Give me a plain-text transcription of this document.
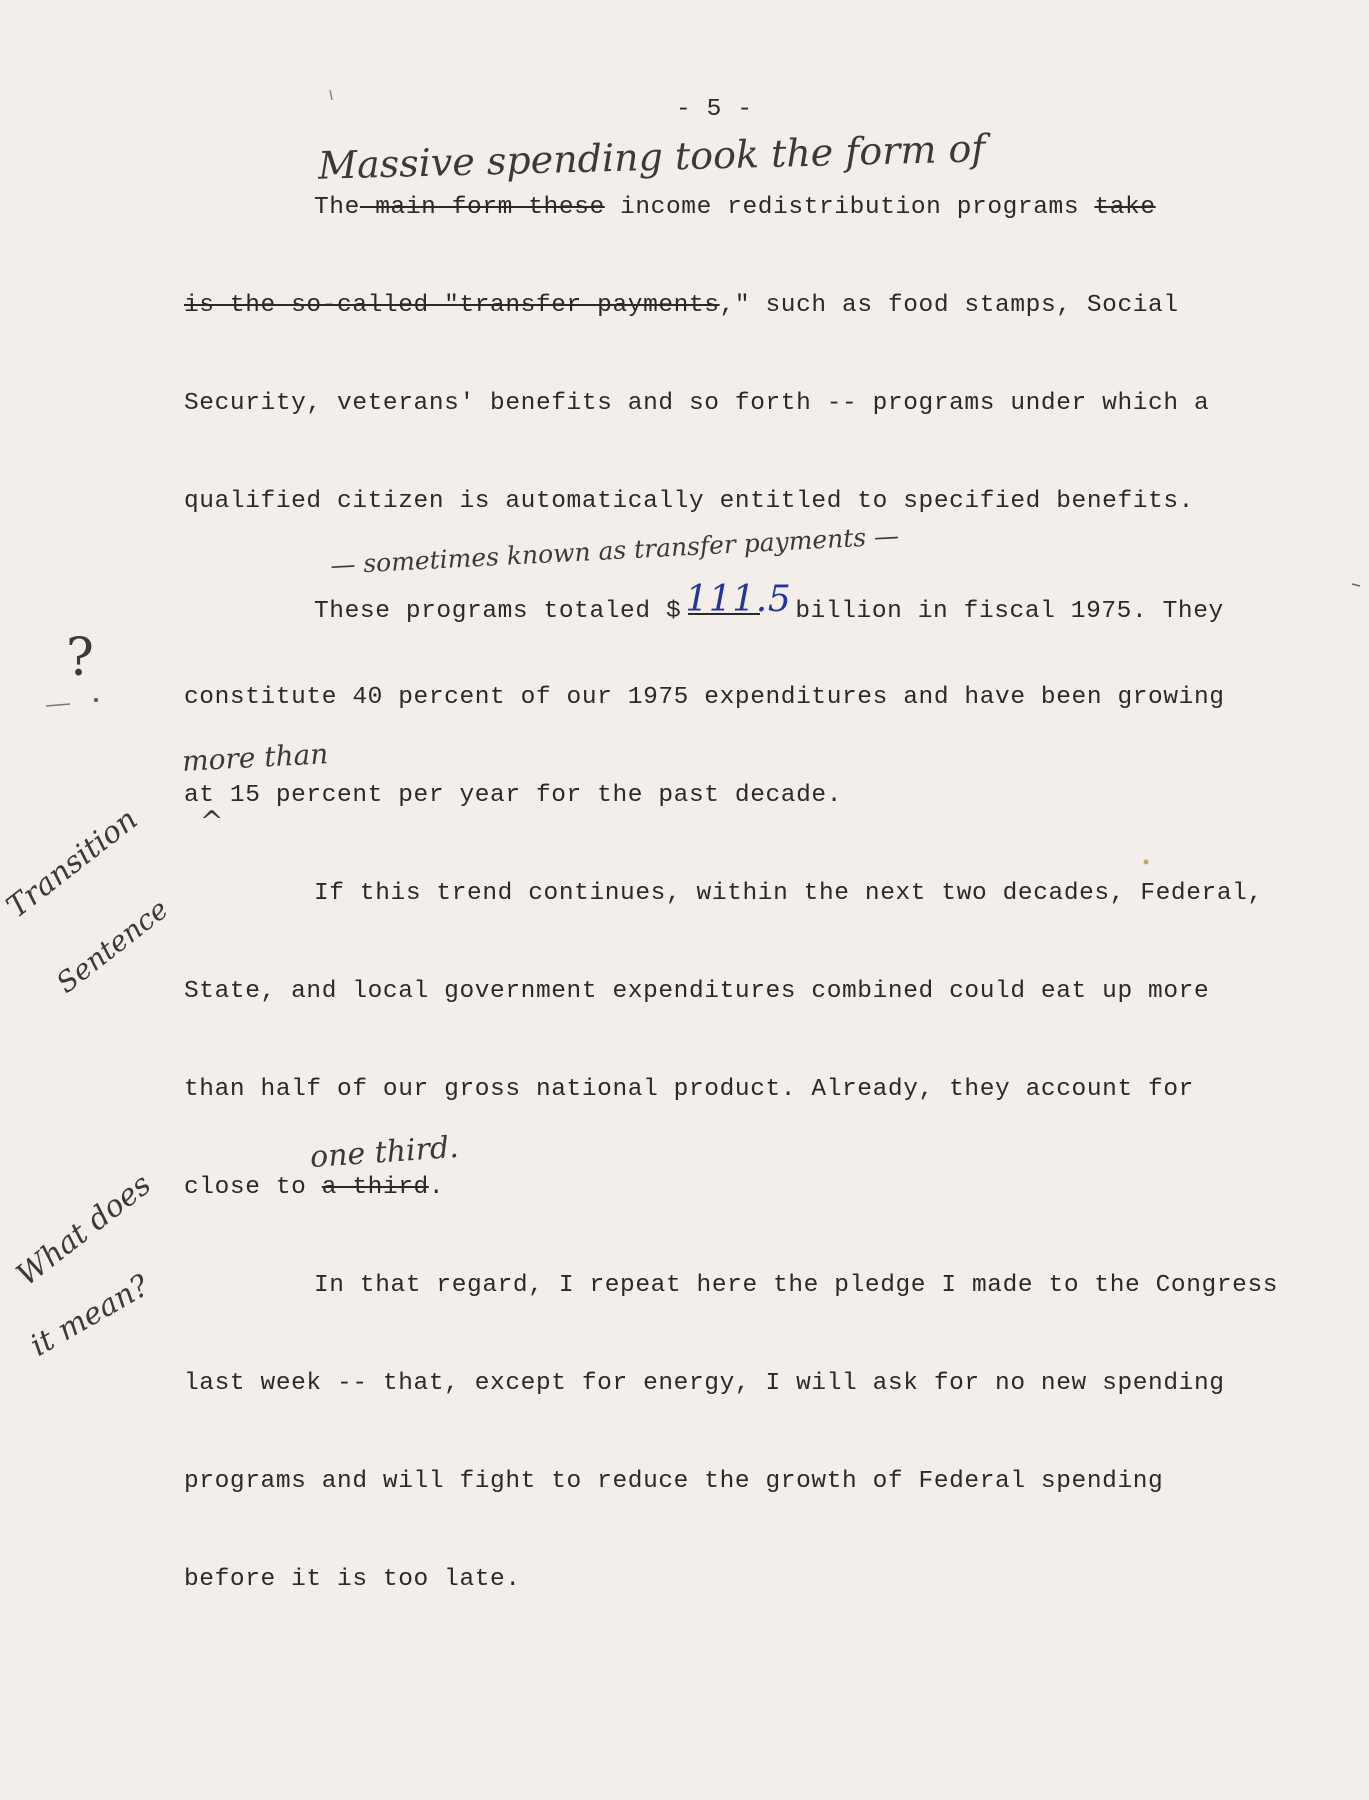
- 5 -
Massive spending took the form of
The main form these income redistribution programs take
is the so-called "transfer payments," such as food stamps, Social
Security, veterans' benefits and so forth -- programs under which a
qualified citizen is automatically entitled to specified benefits.
— sometimes known as transfer payments —
These programs totaled $ 111.5 billion in fiscal 1975. They
constitute 40 percent of our 1975 expenditures and have been growing
more than
at 15 percent per year for the past decade.
^
If this trend continues, within the next two decades, Federal,
State, and local government expenditures combined could eat up more
than half of our gross national product. Already, they account for
one third.
close to a third.
In that regard, I repeat here the pledge I made to the Congress
last week -- that, except for energy, I will ask for no new spending
programs and will fight to reduce the growth of Federal spending
before it is too late.
?
Transition
Sentence
What does
it mean?
